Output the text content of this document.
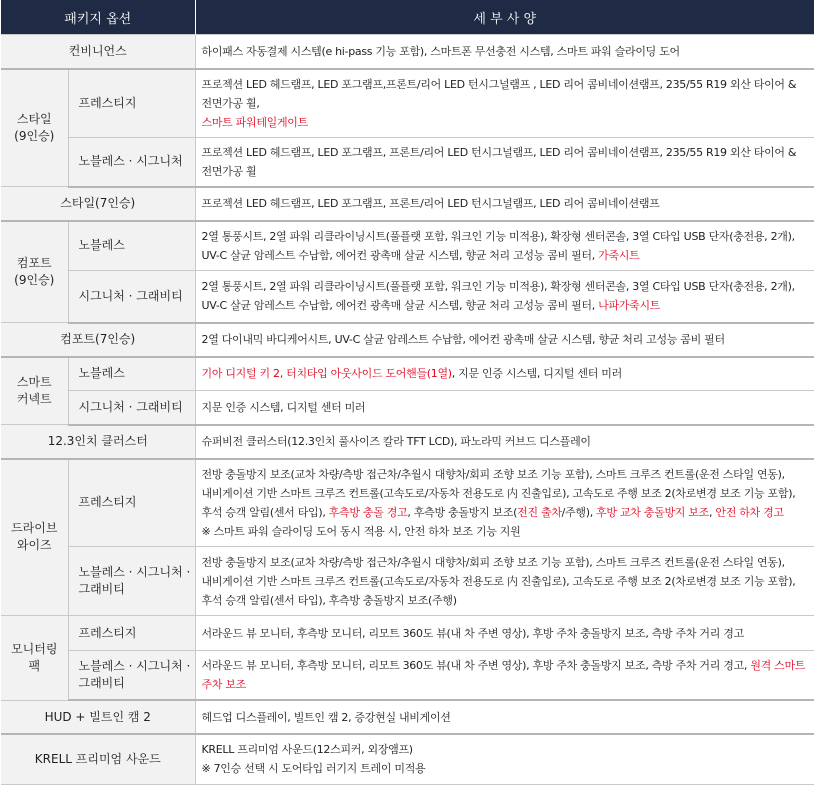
패키지 옵션		세 부 사 양
컨비니언스		하이패스 자동결제 시스템(e hi-pass 기능 포함), 스마트폰 무선충전 시스템, 스마트 파워 슬라이딩 도어
스타일
(9인승)	프레스티지	프로젝션 LED 헤드램프, LED 포그램프,프론트/리어 LED 턴시그널램프 , LED 리어 콤비네이션램프, 235/55 R19 외산 타이어 & 전면가공 휠,
스마트 파워테일게이트
	노블레스 · 시그니처	프로젝션 LED 헤드램프, LED 포그램프, 프론트/리어 LED 턴시그널램프, LED 리어 콤비네이션램프, 235/55 R19 외산 타이어 & 전면가공 휠
스타일(7인승)		프로젝션 LED 헤드램프, LED 포그램프, 프론트/리어 LED 턴시그널램프, LED 리어 콤비네이션램프
컴포트
(9인승)	노블레스	2열 통풍시트, 2열 파워 리클라이닝시트(풀플랫 포함, 워크인 기능 미적용), 확장형 센터콘솔, 3열 C타입 USB 단자(충전용, 2개),
UV-C 살균 암레스트 수납함, 에어컨 광촉매 살균 시스템, 향균 처리 고성능 콤비 필터, 가죽시트
	시그니처 · 그래비티	2열 통풍시트, 2열 파워 리클라이닝시트(풀플랫 포함, 워크인 기능 미적용), 확장형 센터콘솔, 3열 C타입 USB 단자(충전용, 2개),
UV-C 살균 암레스트 수납함, 에어컨 광촉매 살균 시스템, 향균 처리 고성능 콤비 필터, 나파가죽시트
컴포트(7인승)		2열 다이내믹 바디케어시트, UV-C 살균 암레스트 수납함, 에어컨 광촉매 살균 시스템, 향균 처리 고성능 콤비 필터
스마트
커넥트	노블레스	기아 디지털 키 2, 터치타입 아웃사이드 도어핸들(1열), 지문 인증 시스템, 디지털 센터 미러
	시그니처 · 그래비티	지문 인증 시스템, 디지털 센터 미러
12.3인치 클러스터		슈퍼비전 클러스터(12.3인치 풀사이즈 칼라 TFT LCD), 파노라믹 커브드 디스플레이
드라이브
와이즈	프레스티지	전방 충돌방지 보조(교차 차량/측방 접근차/추월시 대향차/회피 조향 보조 기능 포함), 스마트 크루즈 컨트롤(운전 스타일 연동),
내비게이션 기반 스마트 크루즈 컨트롤(고속도로/자동차 전용도로 内 진출입로), 고속도로 주행 보조 2(차로변경 보조 기능 포함),
후석 승객 알림(센서 타입), 후측방 충돌 경고, 후측방 충돌방지 보조(전진 출차/주행), 후방 교차 충돌방지 보조, 안전 하차 경고
※ 스마트 파워 슬라이딩 도어 동시 적용 시, 안전 하차 보조 기능 지원
	노블레스 · 시그니처 ·
그래비티	전방 충돌방지 보조(교차 차량/측방 접근차/추월시 대향차/회피 조향 보조 기능 포함), 스마트 크루즈 컨트롤(운전 스타일 연동),
내비게이션 기반 스마트 크루즈 컨트롤(고속도로/자동차 전용도로 内 진출입로), 고속도로 주행 보조 2(차로변경 보조 기능 포함),
후석 승객 알림(센서 타입), 후측방 충돌방지 보조(주행)
모니터링
팩	프레스티지	서라운드 뷰 모니터, 후측방 모니터, 리모트 360도 뷰(내 차 주변 영상), 후방 주차 충돌방지 보조, 측방 주차 거리 경고
	노블레스 · 시그니처 ·
그래비티	서라운드 뷰 모니터, 후측방 모니터, 리모트 360도 뷰(내 차 주변 영상), 후방 주차 충돌방지 보조, 측방 주차 거리 경고, 원격 스마트 주차 보조
HUD + 빌트인 캠 2		헤드업 디스플레이, 빌트인 캠 2, 증강현실 내비게이션
KRELL 프리미엄 사운드		KRELL 프리미엄 사운드(12스피커, 외장앰프)
※ 7인승 선택 시 도어타입 러기지 트레이 미적용
